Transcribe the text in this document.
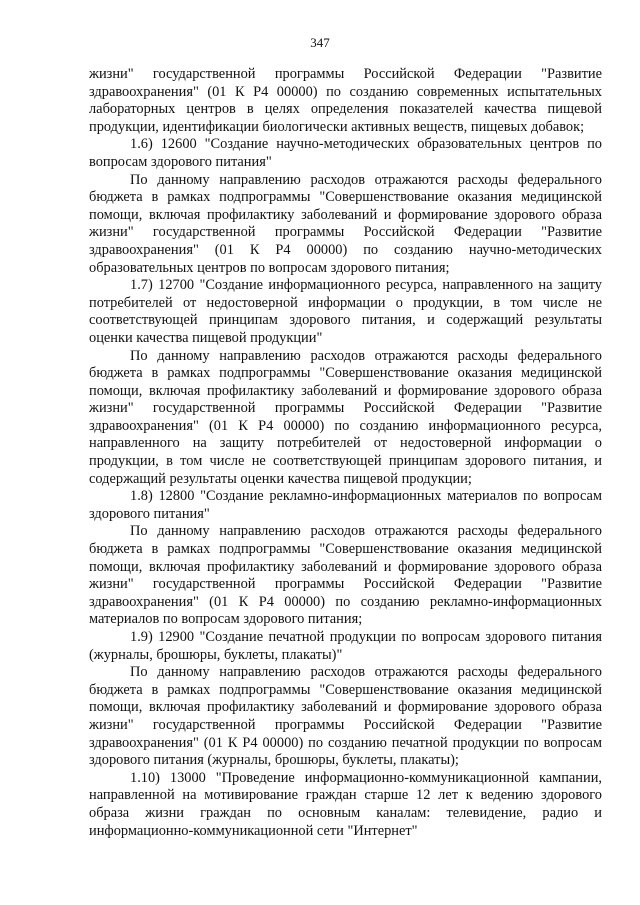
347

жизни" государственной программы Российской Федерации "Развитие здравоохранения" (01 К Р4 00000) по созданию современных испытательных лабораторных центров в целях определения показателей качества пищевой продукции, идентификации биологически активных веществ, пищевых добавок;

1.6) 12600 "Создание научно-методических образовательных центров по вопросам здорового питания"

По данному направлению расходов отражаются расходы федерального бюджета в рамках подпрограммы "Совершенствование оказания медицинской помощи, включая профилактику заболеваний и формирование здорового образа жизни" государственной программы Российской Федерации "Развитие здравоохранения" (01 К Р4 00000) по созданию научно-методических образовательных центров по вопросам здорового питания;

1.7) 12700 "Создание информационного ресурса, направленного на защиту потребителей от недостоверной информации о продукции, в том числе не соответствующей принципам здорового питания, и содержащий результаты оценки качества пищевой продукции"

По данному направлению расходов отражаются расходы федерального бюджета в рамках подпрограммы "Совершенствование оказания медицинской помощи, включая профилактику заболеваний и формирование здорового образа жизни" государственной программы Российской Федерации "Развитие здравоохранения" (01 К Р4 00000) по созданию информационного ресурса, направленного на защиту потребителей от недостоверной информации о продукции, в том числе не соответствующей принципам здорового питания, и содержащий результаты оценки качества пищевой продукции;

1.8) 12800 "Создание рекламно-информационных материалов по вопросам здорового питания"

По данному направлению расходов отражаются расходы федерального бюджета в рамках подпрограммы "Совершенствование оказания медицинской помощи, включая профилактику заболеваний и формирование здорового образа жизни" государственной программы Российской Федерации "Развитие здравоохранения" (01 К Р4 00000) по созданию рекламно-информационных материалов по вопросам здорового питания;

1.9) 12900 "Создание печатной продукции по вопросам здорового питания (журналы, брошюры, буклеты, плакаты)"

По данному направлению расходов отражаются расходы федерального бюджета в рамках подпрограммы "Совершенствование оказания медицинской помощи, включая профилактику заболеваний и формирование здорового образа жизни" государственной программы Российской Федерации "Развитие здравоохранения" (01 К Р4 00000) по созданию печатной продукции по вопросам здорового питания (журналы, брошюры, буклеты, плакаты);

1.10) 13000 "Проведение информационно-коммуникационной кампании, направленной на мотивирование граждан старше 12 лет к ведению здорового образа жизни граждан по основным каналам: телевидение, радио и информационно-коммуникационной сети "Интернет"
